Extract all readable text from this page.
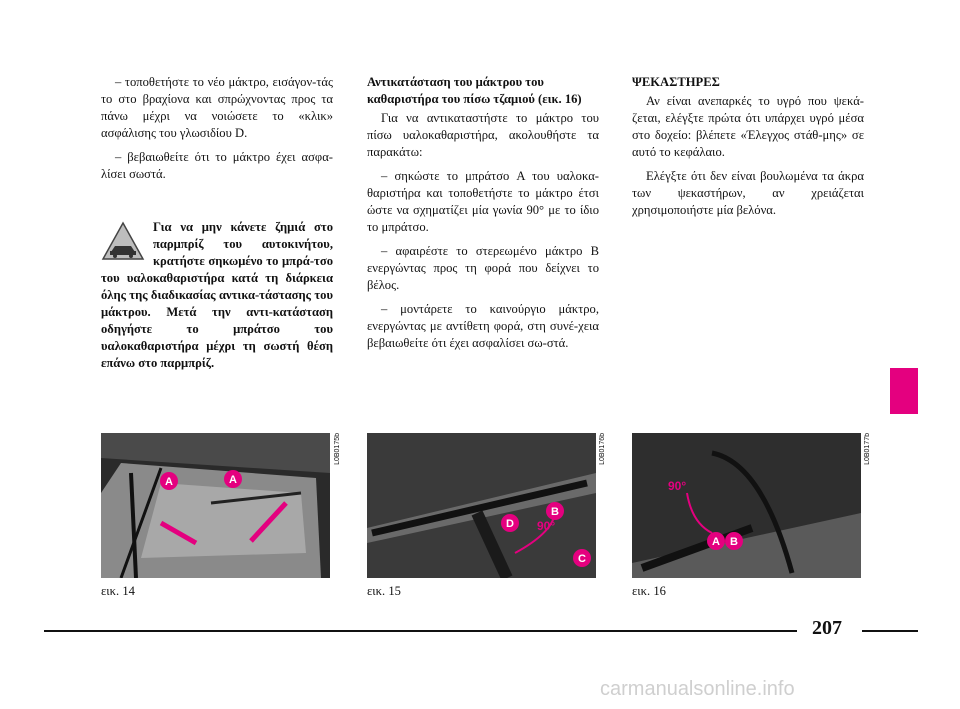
– τοποθετήστε το νέο μάκτρο, εισάγον-τάς το στο βραχίονα και σπρώχνοντας προς τα πάνω μέχρι να νοιώσετε το «κλικ» ασφάλισης του γλωσιδίου D.

– βεβαιωθείτε ότι το μάκτρο έχει ασφα-λίσει σωστά.

Για να μην κάνετε ζημιά στο παρμπρίζ του αυτοκινήτου, κρατήστε σηκωμένο το μπρά-τσο του υαλοκαθαριστήρα κατά τη διάρκεια όλης της διαδικασίας αντικα-τάστασης του μάκτρου. Μετά την αντι-κατάσταση οδηγήστε το μπράτσο του υαλοκαθαριστήρα μέχρι τη σωστή θέση επάνω στο παρμπρίζ.

Αντικατάσταση του μάκτρου του καθαριστήρα του πίσω τζαμιού (εικ. 16)

Για να αντικαταστήστε το μάκτρο του πίσω υαλοκαθαριστήρα, ακολουθήστε τα παρακάτω:

– σηκώστε το μπράτσο A του υαλοκα-θαριστήρα και τοποθετήστε το μάκτρο έτσι ώστε να σχηματίζει μία γωνία 90° με το ίδιο το μπράτσο.

– αφαιρέστε το στερεωμένο μάκτρο B ενεργώντας προς τη φορά που δείχνει το βέλος.

– μοντάρετε το καινούργιο μάκτρο, ενεργώντας με αντίθετη φορά, στη συνέ-χεια βεβαιωθείτε ότι έχει ασφαλίσει σω-στά.

ΨΕΚΑΣΤΗΡΕΣ

Αν είναι ανεπαρκές το υγρό που ψεκά-ζεται, ελέγξτε πρώτα ότι υπάρχει υγρό μέσα στο δοχείο: βλέπετε «Έλεγχος στάθ-μης» σε αυτό το κεφάλαιο.

Ελέγξτε ότι δεν είναι βουλωμένα τα άκρα των ψεκαστήρων, αν χρειάζεται χρησιμοποιήστε μία βελόνα.

A	A
L0B0175b
εικ. 14
D
B
C
90°
L0B0176b
εικ. 15
A B
90°
L0B0177b
εικ. 16
207
carmanualsonline.info
